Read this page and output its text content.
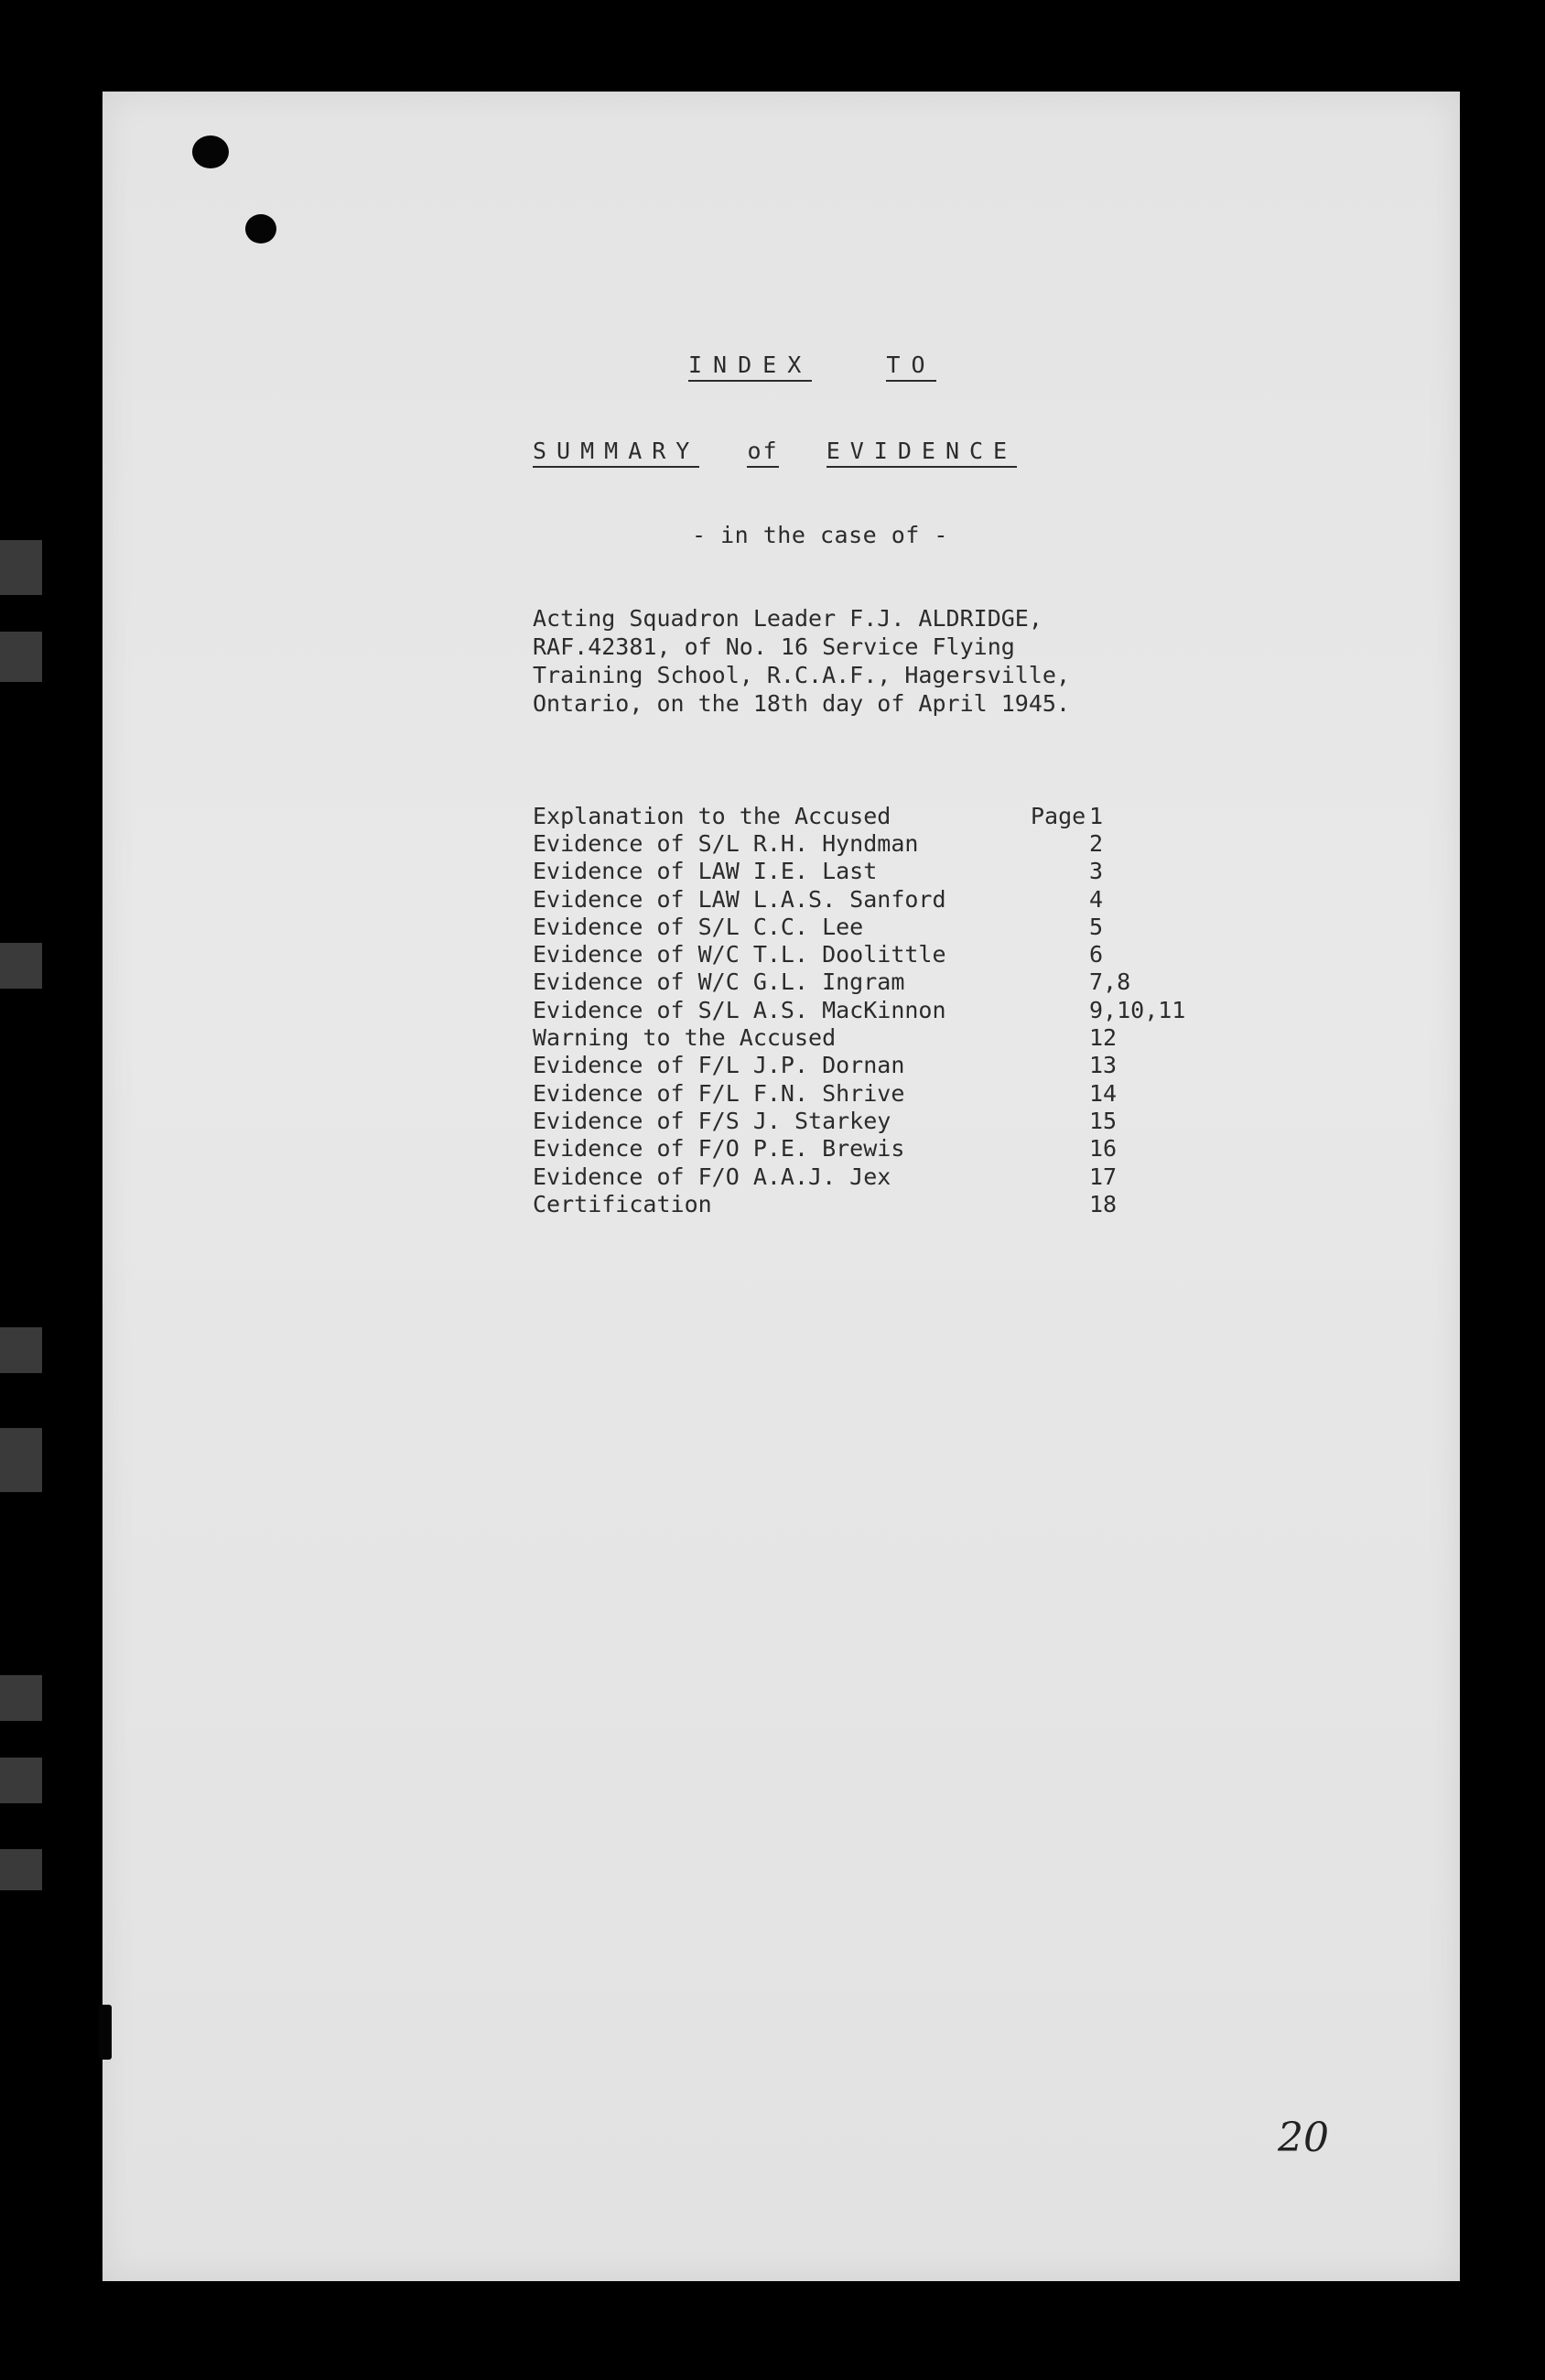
INDEX	TO
SUMMARY of EVIDENCE
- in the case of -
Acting Squadron Leader F.J. ALDRIDGE,
RAF.42381, of No. 16 Service Flying
Training School, R.C.A.F., Hagersville,
Ontario, on the 18th day of April 1945.
Explanation to the Accused	Page 1
Evidence of S/L R.H. Hyndman	2
Evidence of LAW I.E. Last	3
Evidence of LAW L.A.S. Sanford	4
Evidence of S/L C.C. Lee	5
Evidence of W/C T.L. Doolittle	6
Evidence of W/C G.L. Ingram	7,8
Evidence of S/L A.S. MacKinnon	9,10,11
Warning to the Accused	12
Evidence of F/L J.P. Dornan	13
Evidence of F/L F.N. Shrive	14
Evidence of F/S J. Starkey	15
Evidence of F/O P.E. Brewis	16
Evidence of F/O A.A.J. Jex	17
Certification	18
20
